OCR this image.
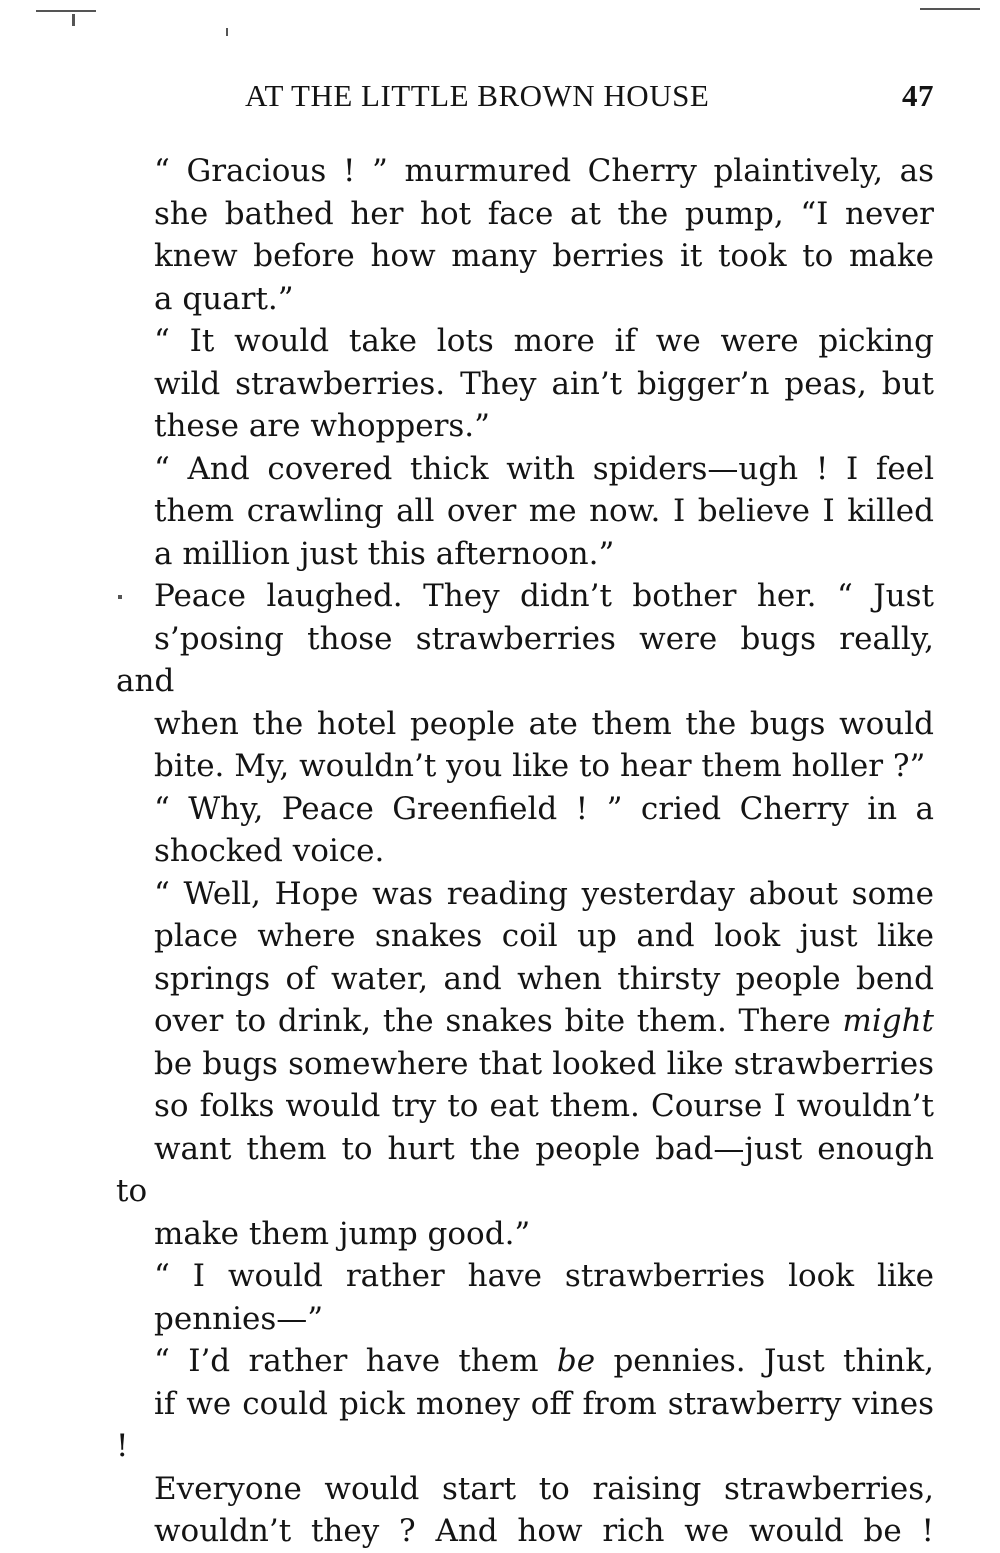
AT THE LITTLE BROWN HOUSE	47

“ Gracious ! ” murmured Cherry plaintively, as
she bathed her hot face at the pump, “I never
knew before how many berries it took to make
a quart.”

“ It would take lots more if we were picking
wild strawberries. They ain’t bigger’n peas, but
these are whoppers.”

“ And covered thick with spiders—ugh ! I feel
them crawling all over me now. I believe I killed
a million just this afternoon.”

Peace laughed. They didn’t bother her. “ Just
s’posing those strawberries were bugs really, and
when the hotel people ate them the bugs would
bite. My, wouldn’t you like to hear them holler ?”

“ Why, Peace Greenfield ! ” cried Cherry in a
shocked voice.

“ Well, Hope was reading yesterday about some
place where snakes coil up and look just like
springs of water, and when thirsty people bend
over to drink, the snakes bite them. There might
be bugs somewhere that looked like strawberries
so folks would try to eat them. Course I wouldn’t
want them to hurt the people bad—just enough to
make them jump good.”

“ I would rather have strawberries look like
pennies—”

“ I’d rather have them be pennies. Just think,
if we could pick money off from strawberry vines !
Everyone would start to raising strawberries,
wouldn’t they ? And how rich we would be !
